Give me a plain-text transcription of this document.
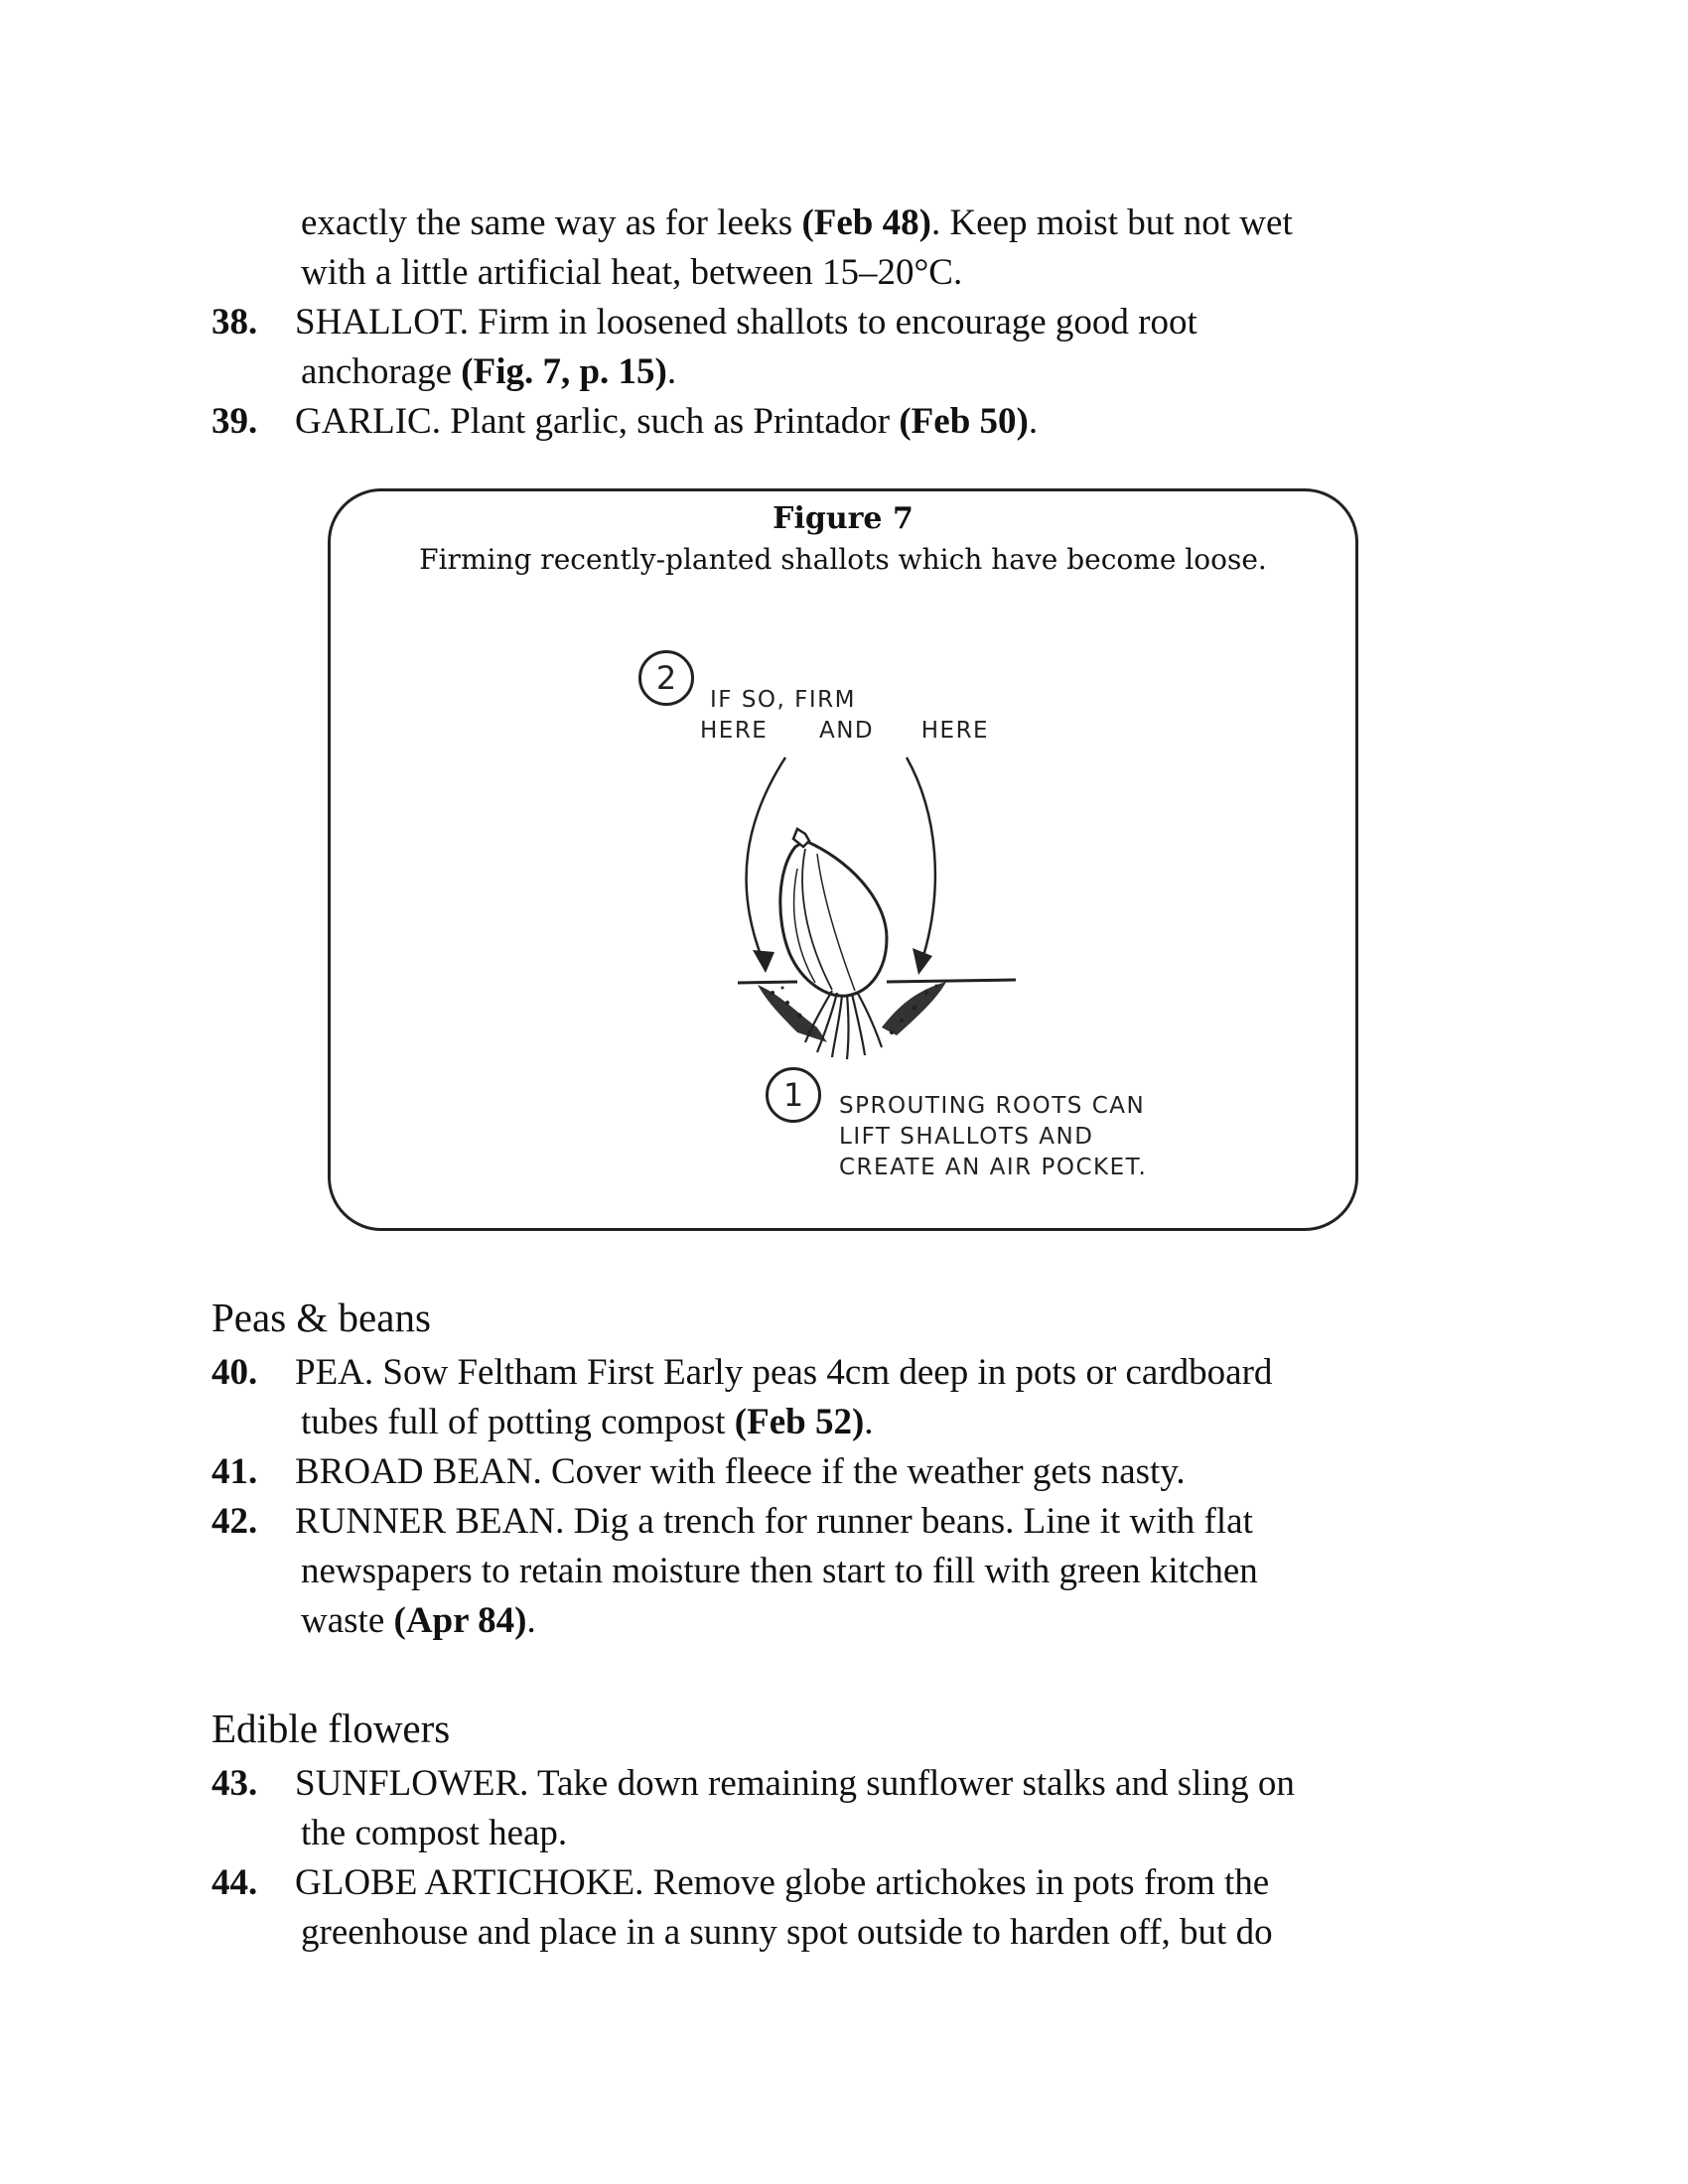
exactly the same way as for leeks (Feb 48). Keep moist but not wet
with a little artificial heat, between 15–20°C.
38. SHALLOT. Firm in loosened shallots to encourage good root
anchorage (Fig. 7, p. 15).
39. GARLIC. Plant garlic, such as Printador (Feb 50).
Figure 7
Firming recently-planted shallots which have become loose.
2
IF SO, FIRM
HERE AND HERE
1	SPROUTING ROOTS CAN
LIFT SHALLOTS AND
CREATE AN AIR POCKET.
Peas & beans
40. PEA. Sow Feltham First Early peas 4cm deep in pots or cardboard
tubes full of potting compost (Feb 52).
41. BROAD BEAN. Cover with fleece if the weather gets nasty.
42. RUNNER BEAN. Dig a trench for runner beans. Line it with flat
newspapers to retain moisture then start to fill with green kitchen
waste (Apr 84).
Edible flowers
43. SUNFLOWER. Take down remaining sunflower stalks and sling on
the compost heap.
44. GLOBE ARTICHOKE. Remove globe artichokes in pots from the
greenhouse and place in a sunny spot outside to harden off, but do
